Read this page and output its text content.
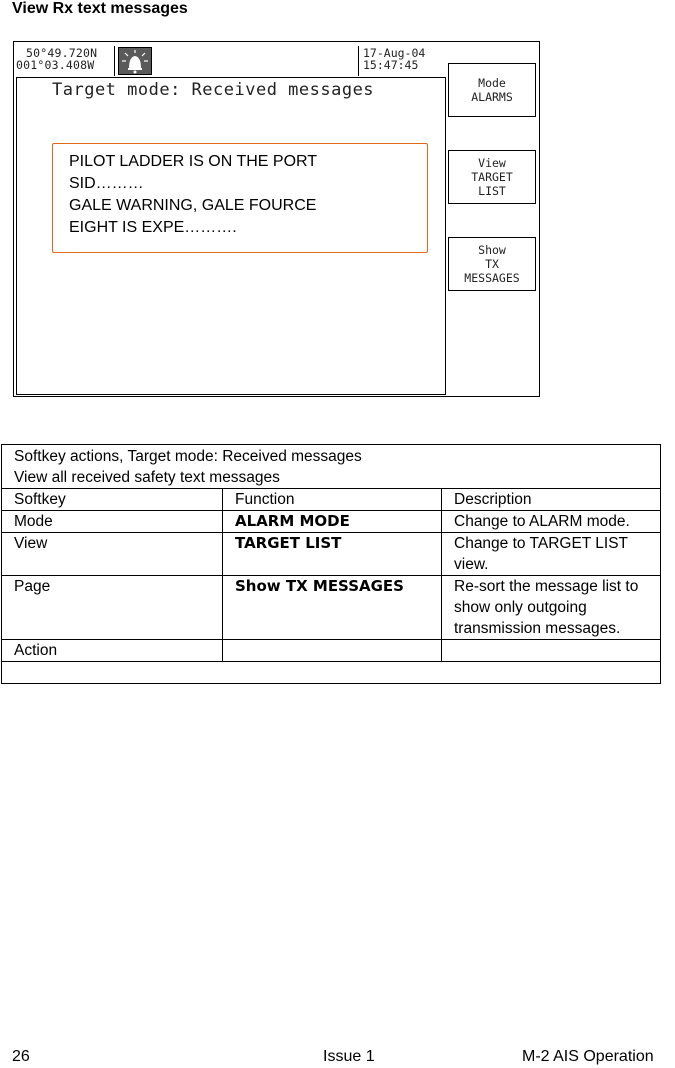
View Rx text messages
50°49.720N
001°03.408W
17-Aug-04
15:47:45
Target mode: Received messages
PILOT LADDER IS ON THE PORT
SID………
GALE WARNING, GALE FOURCE
EIGHT IS EXPE……….
Mode
ALARMS
View
TARGET
LIST
Show
TX
MESSAGES
Softkey actions, Target mode: Received messages
View all received safety text messages		

Softkey	Function	Description
Mode	ALARM MODE	Change to ALARM mode.
View	TARGET LIST	Change to TARGET LIST view.
Page	Show TX MESSAGES	Re-sort the message list to show only outgoing transmission messages.
Action		

26	Issue 1	M-2 AIS Operation
